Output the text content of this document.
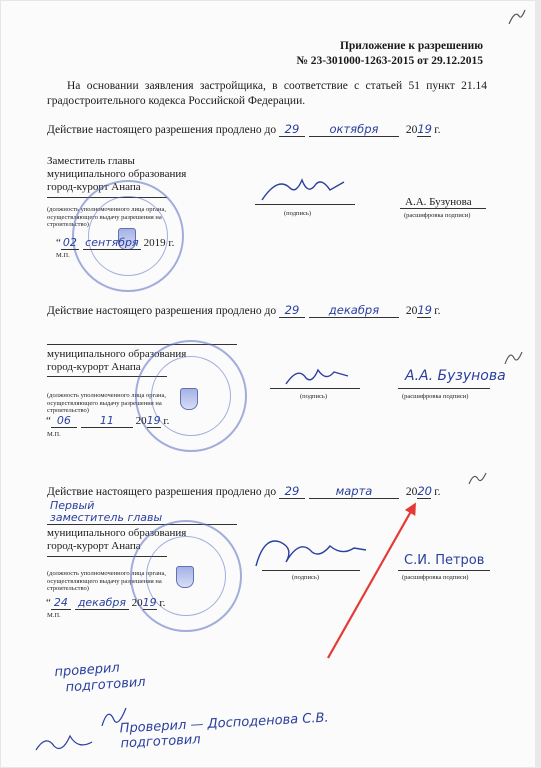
Приложение к разрешению
№ 23-301000-1263-2015 от 29.12.2015
На основании заявления застройщика, в соответствие с статьей 51 пункт 21.14 градостроительного кодекса Российской Федерации.
Действие настоящего разрешения продлено до 29	октября 2019 г.
Заместитель главы
муниципального образования
город-курорт Анапа
(должность уполномоченного лица органа, осуществляющего выдачу разрешения на строительство)
(подпись)
А.А. Бузунова
(расшифровка подписи)
“ 02 сентября 2019 г.
М.П.
Действие настоящего разрешения продлено до 29	декабря 2019 г.
муниципального образования
город-курорт Анапа
(должность уполномоченного лица органа, осуществляющего выдачу разрешения на строительство)
(подпись)
А.А. Бузунова
(расшифровка подписи)
“ 06	11 2019 г.
М.П.
Действие настоящего разрешения продлено до 29	марта	2020 г.
Первый
заместитель главы
муниципального образования
город-курорт Анапа
(должность уполномоченного лица органа, осуществляющего выдачу разрешения на строительство)
(подпись)
С.И. Петров
(расшифровка подписи)
“ 24 декабря 2019 г.
М.П.
проверил
подготовил
Проверил — Досподенова С.В.
подготовил
